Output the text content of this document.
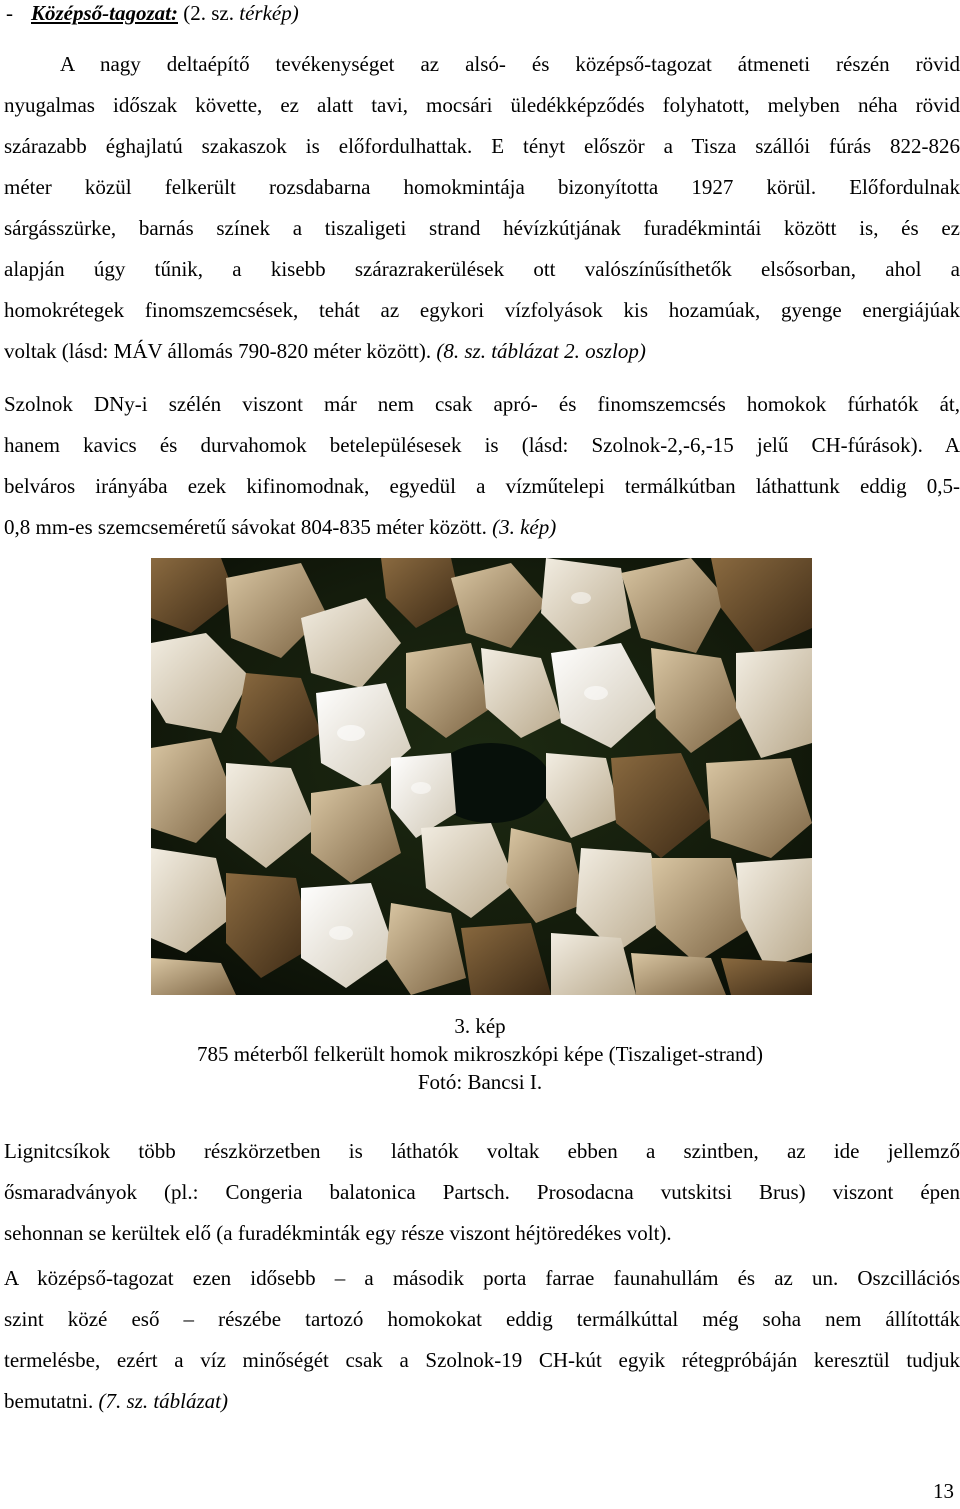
- Középső-tagozat: (2. sz. térkép)
A nagy deltaépítő tevékenységet az alsó- és középső-tagozat átmeneti részén rövid
nyugalmas időszak követte, ez alatt tavi, mocsári üledékképződés folyhatott, melyben néha rövid
szárazabb éghajlatú szakaszok is előfordulhattak. E tényt először a Tisza szállói fúrás 822-826
méter közül felkerült rozsdabarna homokmintája bizonyította 1927 körül. Előfordulnak
sárgásszürke, barnás színek a tiszaligeti strand hévízkútjának furadékmintái között is, és ez
alapján úgy tűnik, a kisebb szárazrakerülések ott valószínűsíthetők elsősorban, ahol a
homokrétegek finomszemcsések, tehát az egykori vízfolyások kis hozamúak, gyenge energiájúak
voltak (lásd: MÁV állomás 790-820 méter között). (8. sz. táblázat 2. oszlop)
Szolnok DNy-i szélén viszont már nem csak apró- és finomszemcsés homokok fúrhatók át,
hanem kavics és durvahomok betelepülésesek is (lásd: Szolnok-2,-6,-15 jelű CH-fúrások). A
belváros irányába ezek kifinomodnak, egyedül a vízműtelepi termálkútban láthattunk eddig 0,5-
0,8 mm-es szemcseméretű sávokat 804-835 méter között. (3. kép)
3. kép
785 méterből felkerült homok mikroszkópi képe (Tiszaliget-strand)
Fotó: Bancsi I.
Lignitcsíkok több részkörzetben is láthatók voltak ebben a szintben, az ide jellemző
ősmaradványok (pl.: Congeria balatonica Partsch. Prosodacna vutskitsi Brus) viszont épen
sehonnan se kerültek elő (a furadékminták egy része viszont héjtöredékes volt).
A középső-tagozat ezen idősebb – a második porta farrae faunahullám és az un. Oszcillációs
szint közé eső – részébe tartozó homokokat eddig termálkúttal még soha nem állították
termelésbe, ezért a víz minőségét csak a Szolnok-19 CH-kút egyik rétegpróbáján keresztül tudjuk
bemutatni. (7. sz. táblázat)
13
